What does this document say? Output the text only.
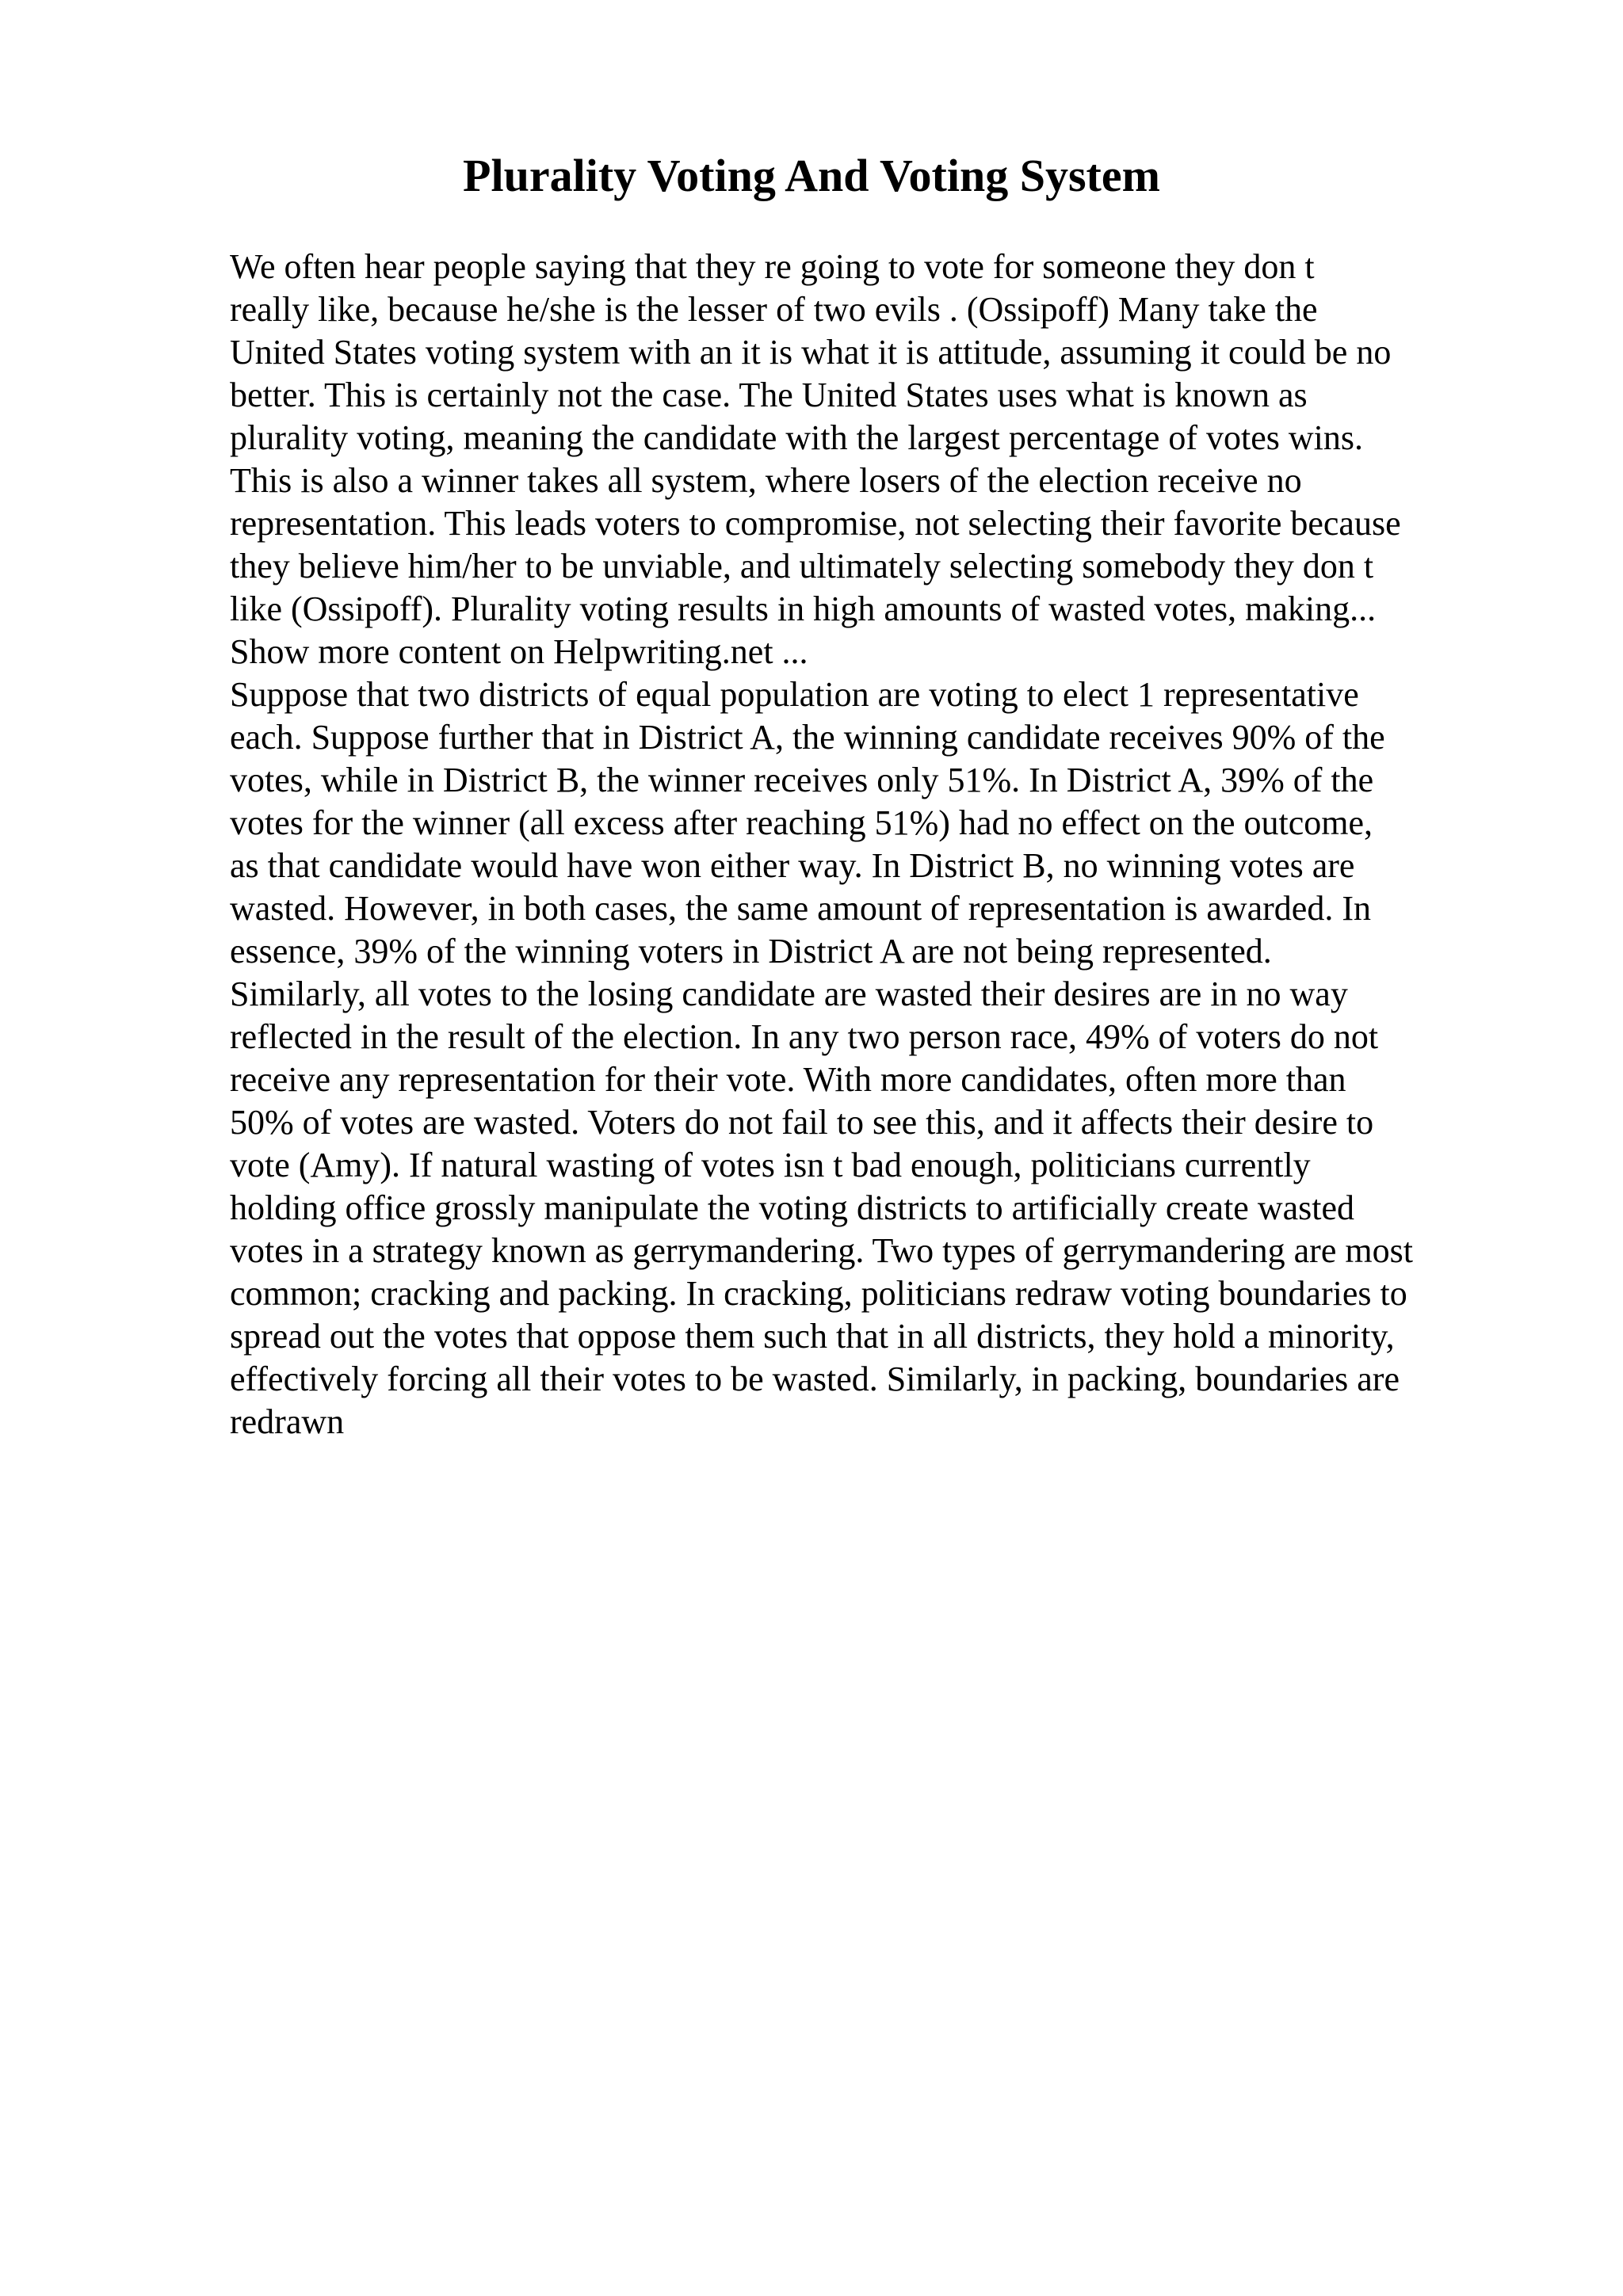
Plurality Voting And Voting System
We often hear people saying that they re going to vote for someone they don t
really like, because he/she is the lesser of two evils . (Ossipoff) Many take the
United States voting system with an it is what it is attitude, assuming it could be no
better. This is certainly not the case. The United States uses what is known as
plurality voting, meaning the candidate with the largest percentage of votes wins.
This is also a winner takes all system, where losers of the election receive no
representation. This leads voters to compromise, not selecting their favorite because
they believe him/her to be unviable, and ultimately selecting somebody they don t
like (Ossipoff). Plurality voting results in high amounts of wasted votes, making...
Show more content on Helpwriting.net ...
Suppose that two districts of equal population are voting to elect 1 representative
each. Suppose further that in District A, the winning candidate receives 90% of the
votes, while in District B, the winner receives only 51%. In District A, 39% of the
votes for the winner (all excess after reaching 51%) had no effect on the outcome,
as that candidate would have won either way. In District B, no winning votes are
wasted. However, in both cases, the same amount of representation is awarded. In
essence, 39% of the winning voters in District A are not being represented.
Similarly, all votes to the losing candidate are wasted their desires are in no way
reflected in the result of the election. In any two person race, 49% of voters do not
receive any representation for their vote. With more candidates, often more than
50% of votes are wasted. Voters do not fail to see this, and it affects their desire to
vote (Amy). If natural wasting of votes isn t bad enough, politicians currently
holding office grossly manipulate the voting districts to artificially create wasted
votes in a strategy known as gerrymandering. Two types of gerrymandering are most
common; cracking and packing. In cracking, politicians redraw voting boundaries to
spread out the votes that oppose them such that in all districts, they hold a minority,
effectively forcing all their votes to be wasted. Similarly, in packing, boundaries are
redrawn
